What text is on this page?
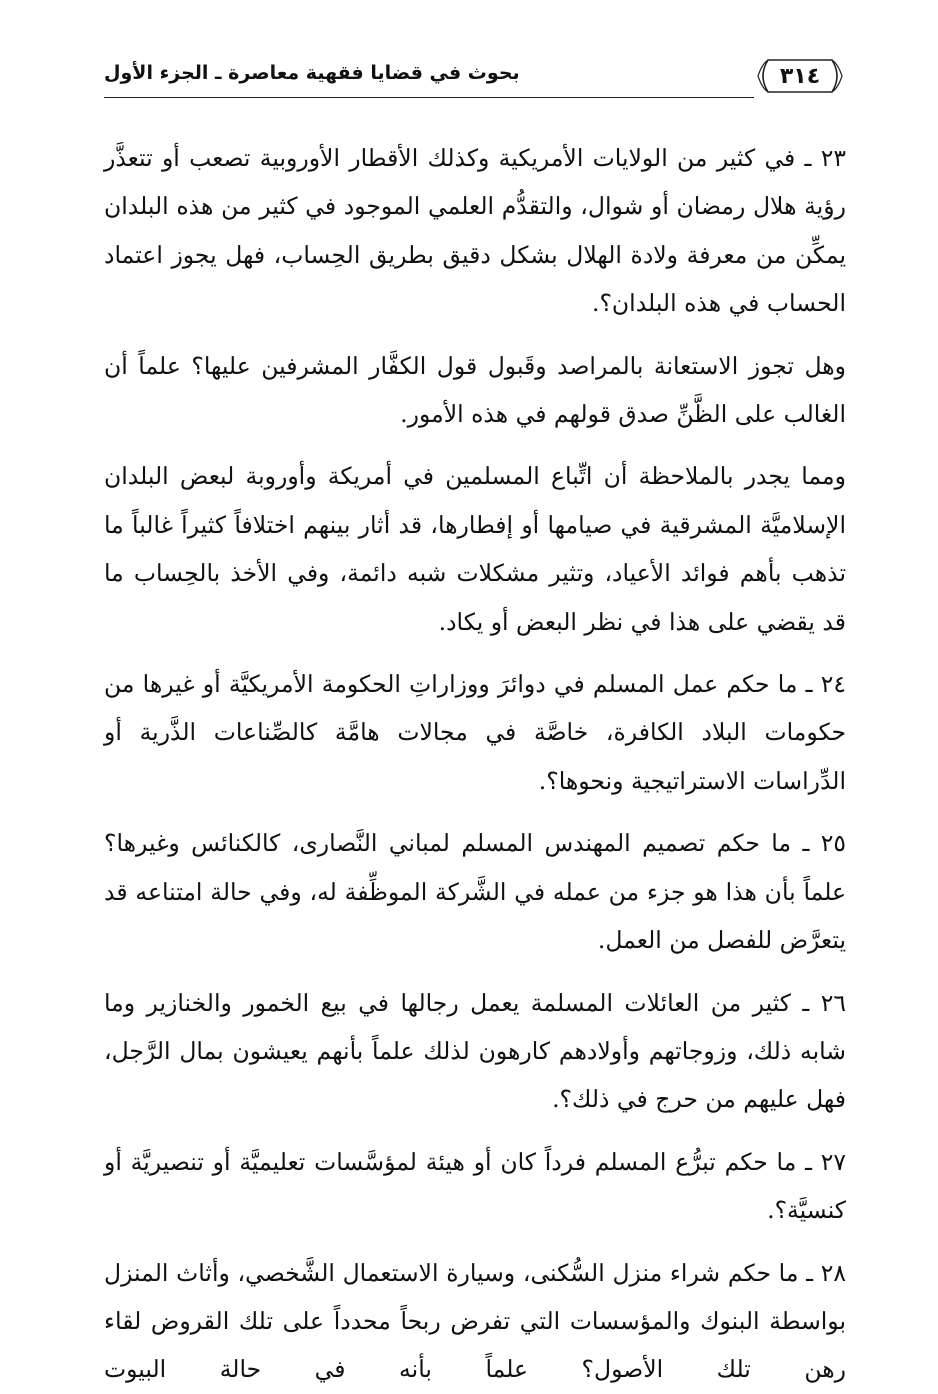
٣١٤
بحوث في قضايا فقهية معاصرة ـ الجزء الأول

٢٣ ـ في كثير من الولايات الأمريكية وكذلك الأقطار الأوروبية تصعب أو تتعذَّر رؤية هلال رمضان أو شوال، والتقدُّم العلمي الموجود في كثير من هذه البلدان يمكِّن من معرفة ولادة الهلال بشكل دقيق بطريق الحِساب، فهل يجوز اعتماد الحساب في هذه البلدان؟.

وهل تجوز الاستعانة بالمراصد وقَبول قول الكفَّار المشرفين عليها؟ علماً أن الغالب على الظَّنِّ صدق قولهم في هذه الأمور.

ومما يجدر بالملاحظة أن اتِّباع المسلمين في أمريكة وأوروبة لبعض البلدان الإسلاميَّة المشرقية في صيامها أو إفطارها، قد أثار بينهم اختلافاً كثيراً غالباً ما تذهب بأهم فوائد الأعياد، وتثير مشكلات شبه دائمة، وفي الأخذ بالحِساب ما قد يقضي على هذا في نظر البعض أو يكاد.

٢٤ ـ ما حكم عمل المسلم في دوائرَ ووزاراتِ الحكومة الأمريكيَّة أو غيرها من حكومات البلاد الكافرة، خاصَّة في مجالات هامَّة كالصِّناعات الذَّرية أو الدِّراسات الاستراتيجية ونحوها؟.

٢٥ ـ ما حكم تصميم المهندس المسلم لمباني النَّصارى، كالكنائس وغيرها؟ علماً بأن هذا هو جزء من عمله في الشَّركة الموظِّفة له، وفي حالة امتناعه قد يتعرَّض للفصل من العمل.

٢٦ ـ كثير من العائلات المسلمة يعمل رجالها في بيع الخمور والخنازير وما شابه ذلك، وزوجاتهم وأولادهم كارهون لذلك علماً بأنهم يعيشون بمال الرَّجل، فهل عليهم من حرج في ذلك؟.

٢٧ ـ ما حكم تبرُّع المسلم فرداً كان أو هيئة لمؤسَّسات تعليميَّة أو تنصيريَّة أو كنسيَّة؟.

٢٨ ـ ما حكم شراء منزل السُّكنى، وسيارة الاستعمال الشَّخصي، وأثاث المنزل بواسطة البنوك والمؤسسات التي تفرض ربحاً محدداً على تلك القروض لقاء رهن تلك الأصول؟ علماً بأنه في حالة البيوت
